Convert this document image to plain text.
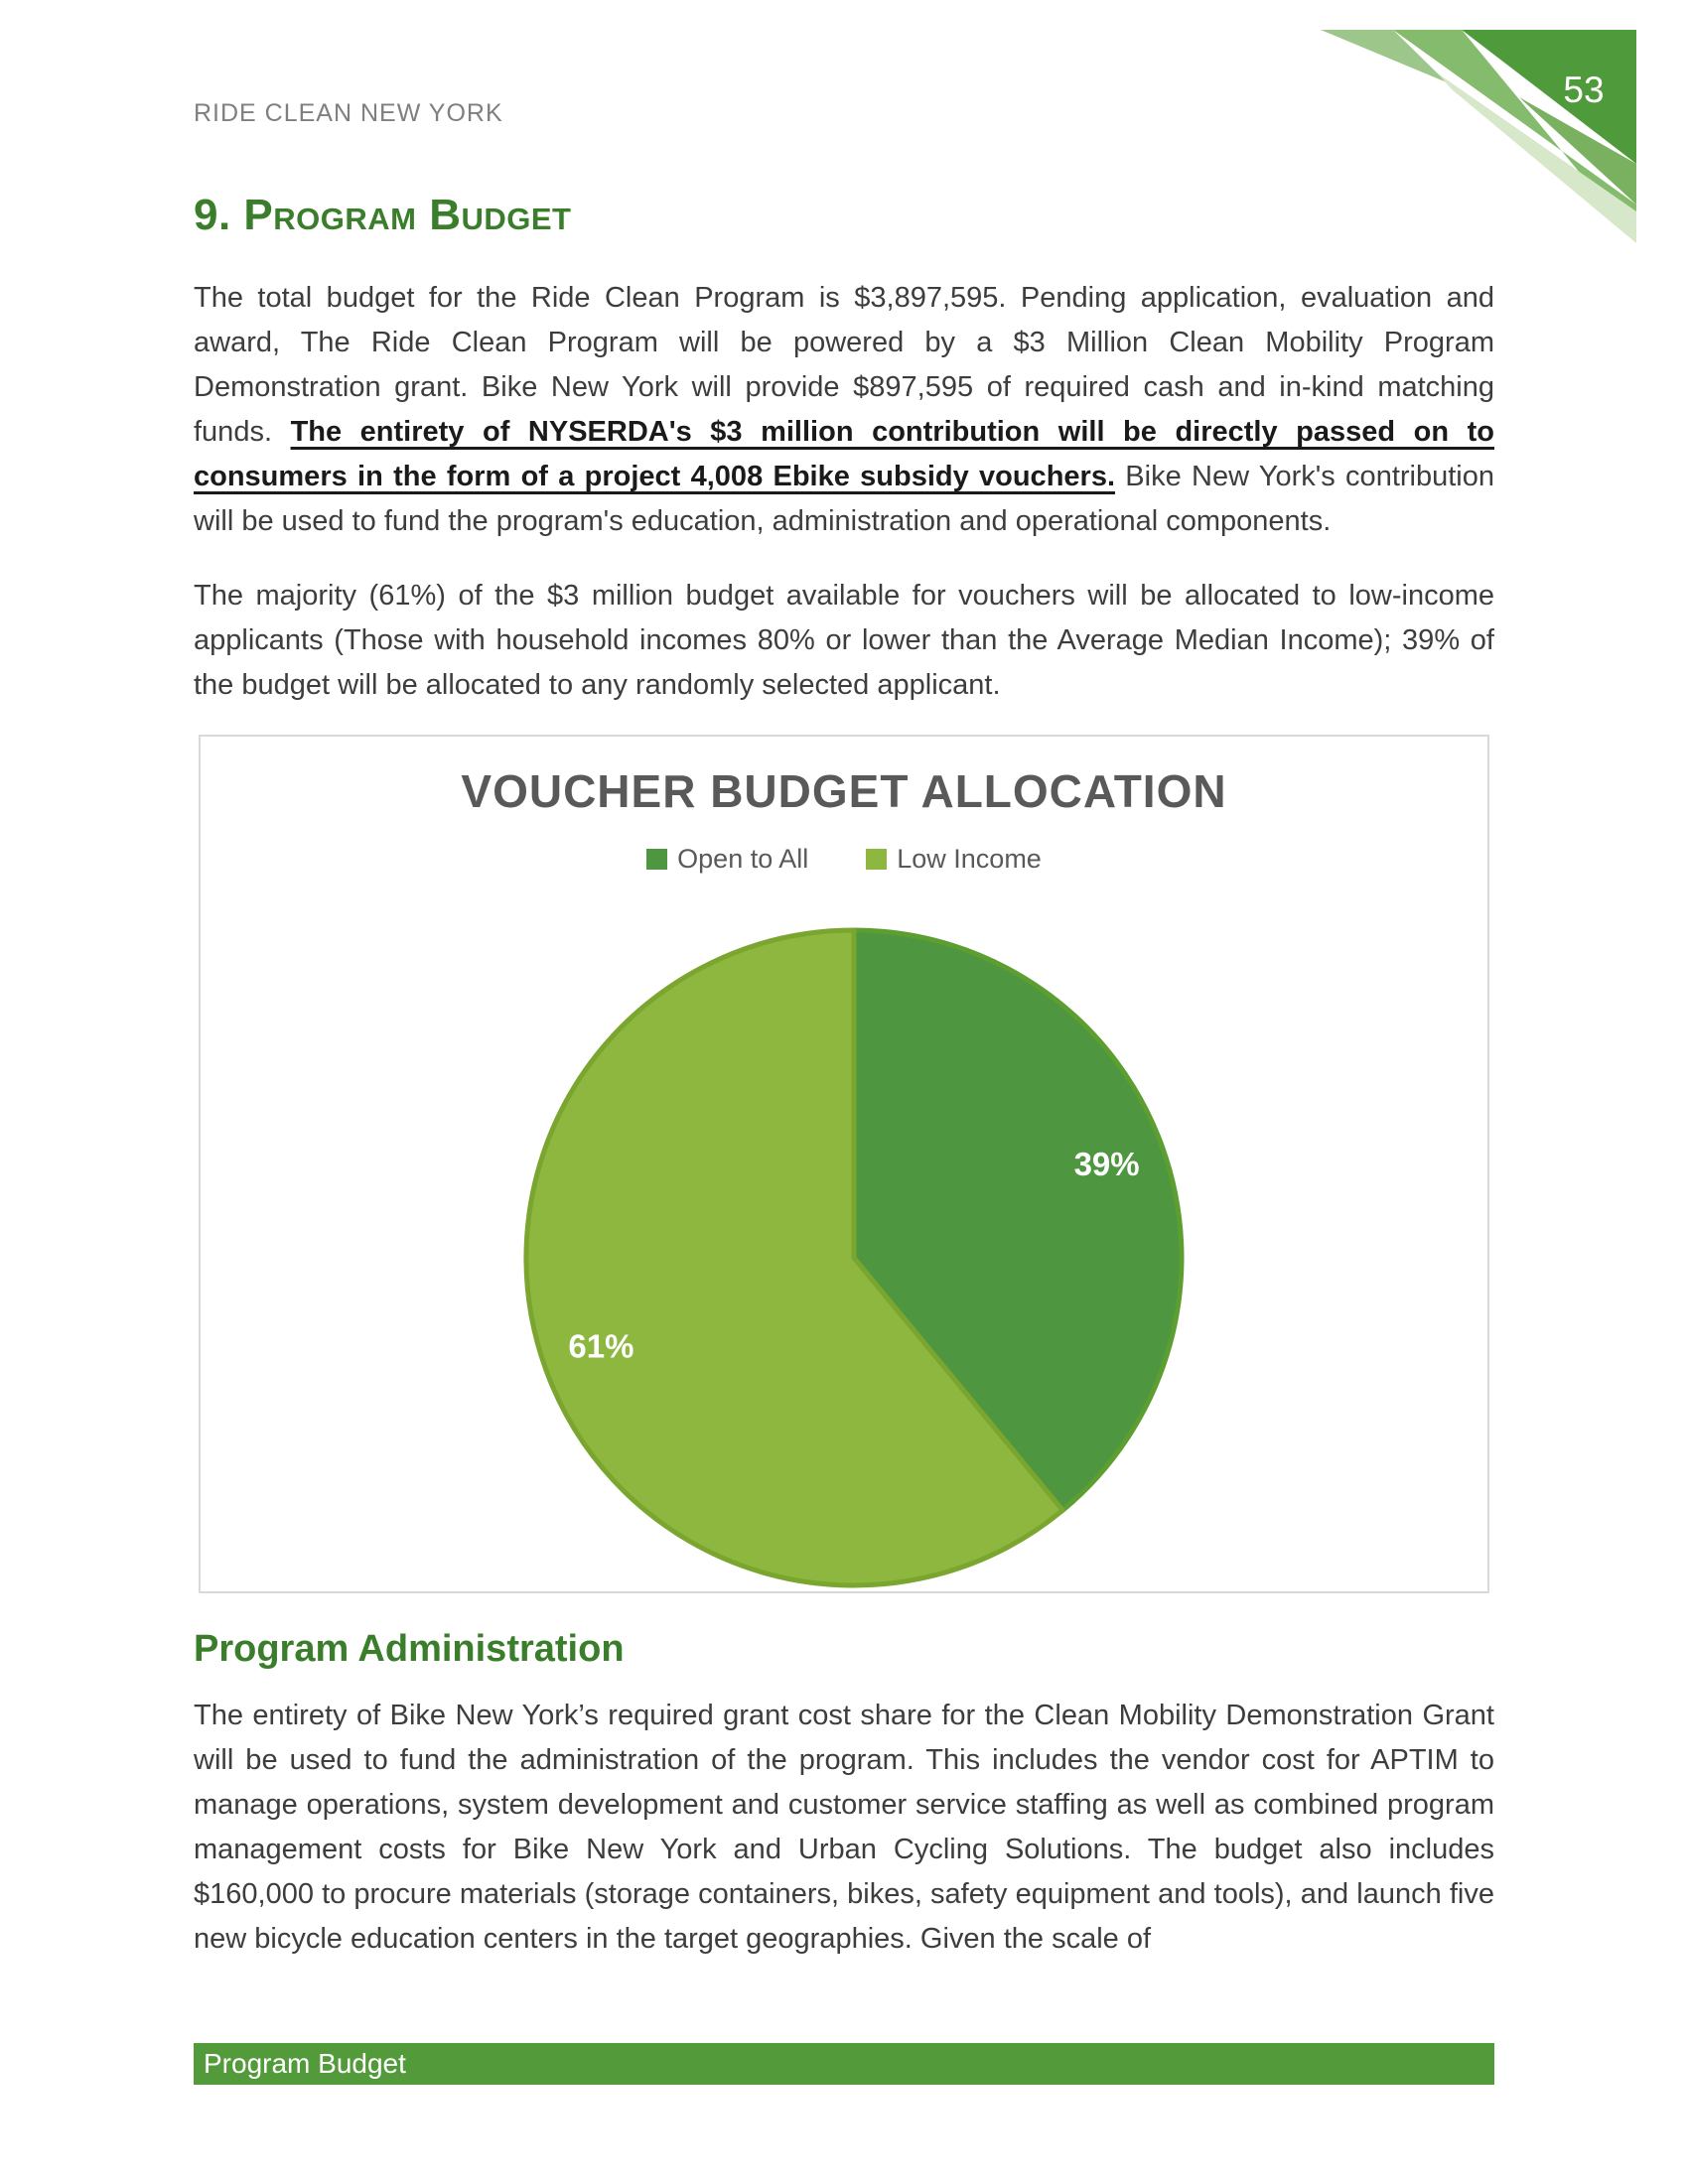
RIDE CLEAN NEW YORK
53
9. Program Budget

The total budget for the Ride Clean Program is $3,897,595. Pending application, evaluation and award, The Ride Clean Program will be powered by a $3 Million Clean Mobility Program Demonstration grant. Bike New York will provide $897,595 of required cash and in-kind matching funds. The entirety of NYSERDA's $3 million contribution will be directly passed on to consumers in the form of a project 4,008 Ebike subsidy vouchers. Bike New York's contribution will be used to fund the program's education, administration and operational components.

The majority (61%) of the $3 million budget available for vouchers will be allocated to low-income applicants (Those with household incomes 80% or lower than the Average Median Income); 39% of the budget will be allocated to any randomly selected applicant.

39%
61%
VOUCHER BUDGET ALLOCATION
Open to All	Low Income
Program Administration

The entirety of Bike New York’s required grant cost share for the Clean Mobility Demonstration Grant will be used to fund the administration of the program. This includes the vendor cost for APTIM to manage operations, system development and customer service staffing as well as combined program management costs for Bike New York and Urban Cycling Solutions. The budget also includes $160,000 to procure materials (storage containers, bikes, safety equipment and tools), and launch five new bicycle education centers in the target geographies. Given the scale of

Program Budget
